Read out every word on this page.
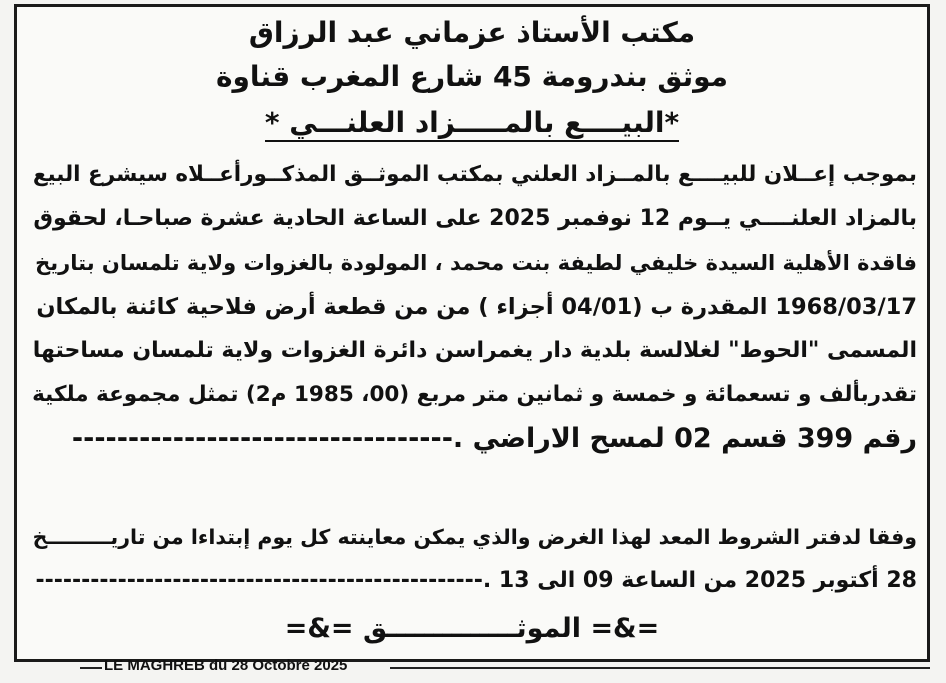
مكتب الأستاذ عزماني عبد الرزاق
موثق بندرومة 45 شارع المغرب قناوة
*البيــــع بالمـــــزاد العلنـــي *
بموجب إعــلان للبيــــع بالمــزاد العلني بمكتب الموثــق المذكــورأعــلاه سيشرع البيع
بالمزاد العلنــــي يــوم 12 نوفمبر 2025 على الساعة الحادية عشرة صباحـا، لحقوق
فاقدة الأهلية السيدة خليفي لطيفة بنت محمد ، المولودة بالغزوات ولاية تلمسان بتاريخ
1968/03/17 المقدرة ب (04/01 أجزاء ) من من قطعة أرض فلاحية كائنة بالمكان
المسمى "الحوط" لغلالسة بلدية دار يغمراسن دائرة الغزوات ولاية تلمسان مساحتها
تقدربألف و تسعمائة و خمسة و ثمانين متر مربع (00، 1985 م2) تمثل مجموعة ملكية
رقم 399 قسم 02 لمسح الاراضي .----------------------------------
وفقا لدفتر الشروط المعد لهذا الغرض والذي يمكن معاينته كل يوم إبتداءا من تاريـــــــــخ
28 أكتوبر 2025 من الساعة 09 الى 13 .-------------------------------------------------
=&= الموثــــــــــــــق =&=
LE MAGHREB du 28 Octobre 2025
